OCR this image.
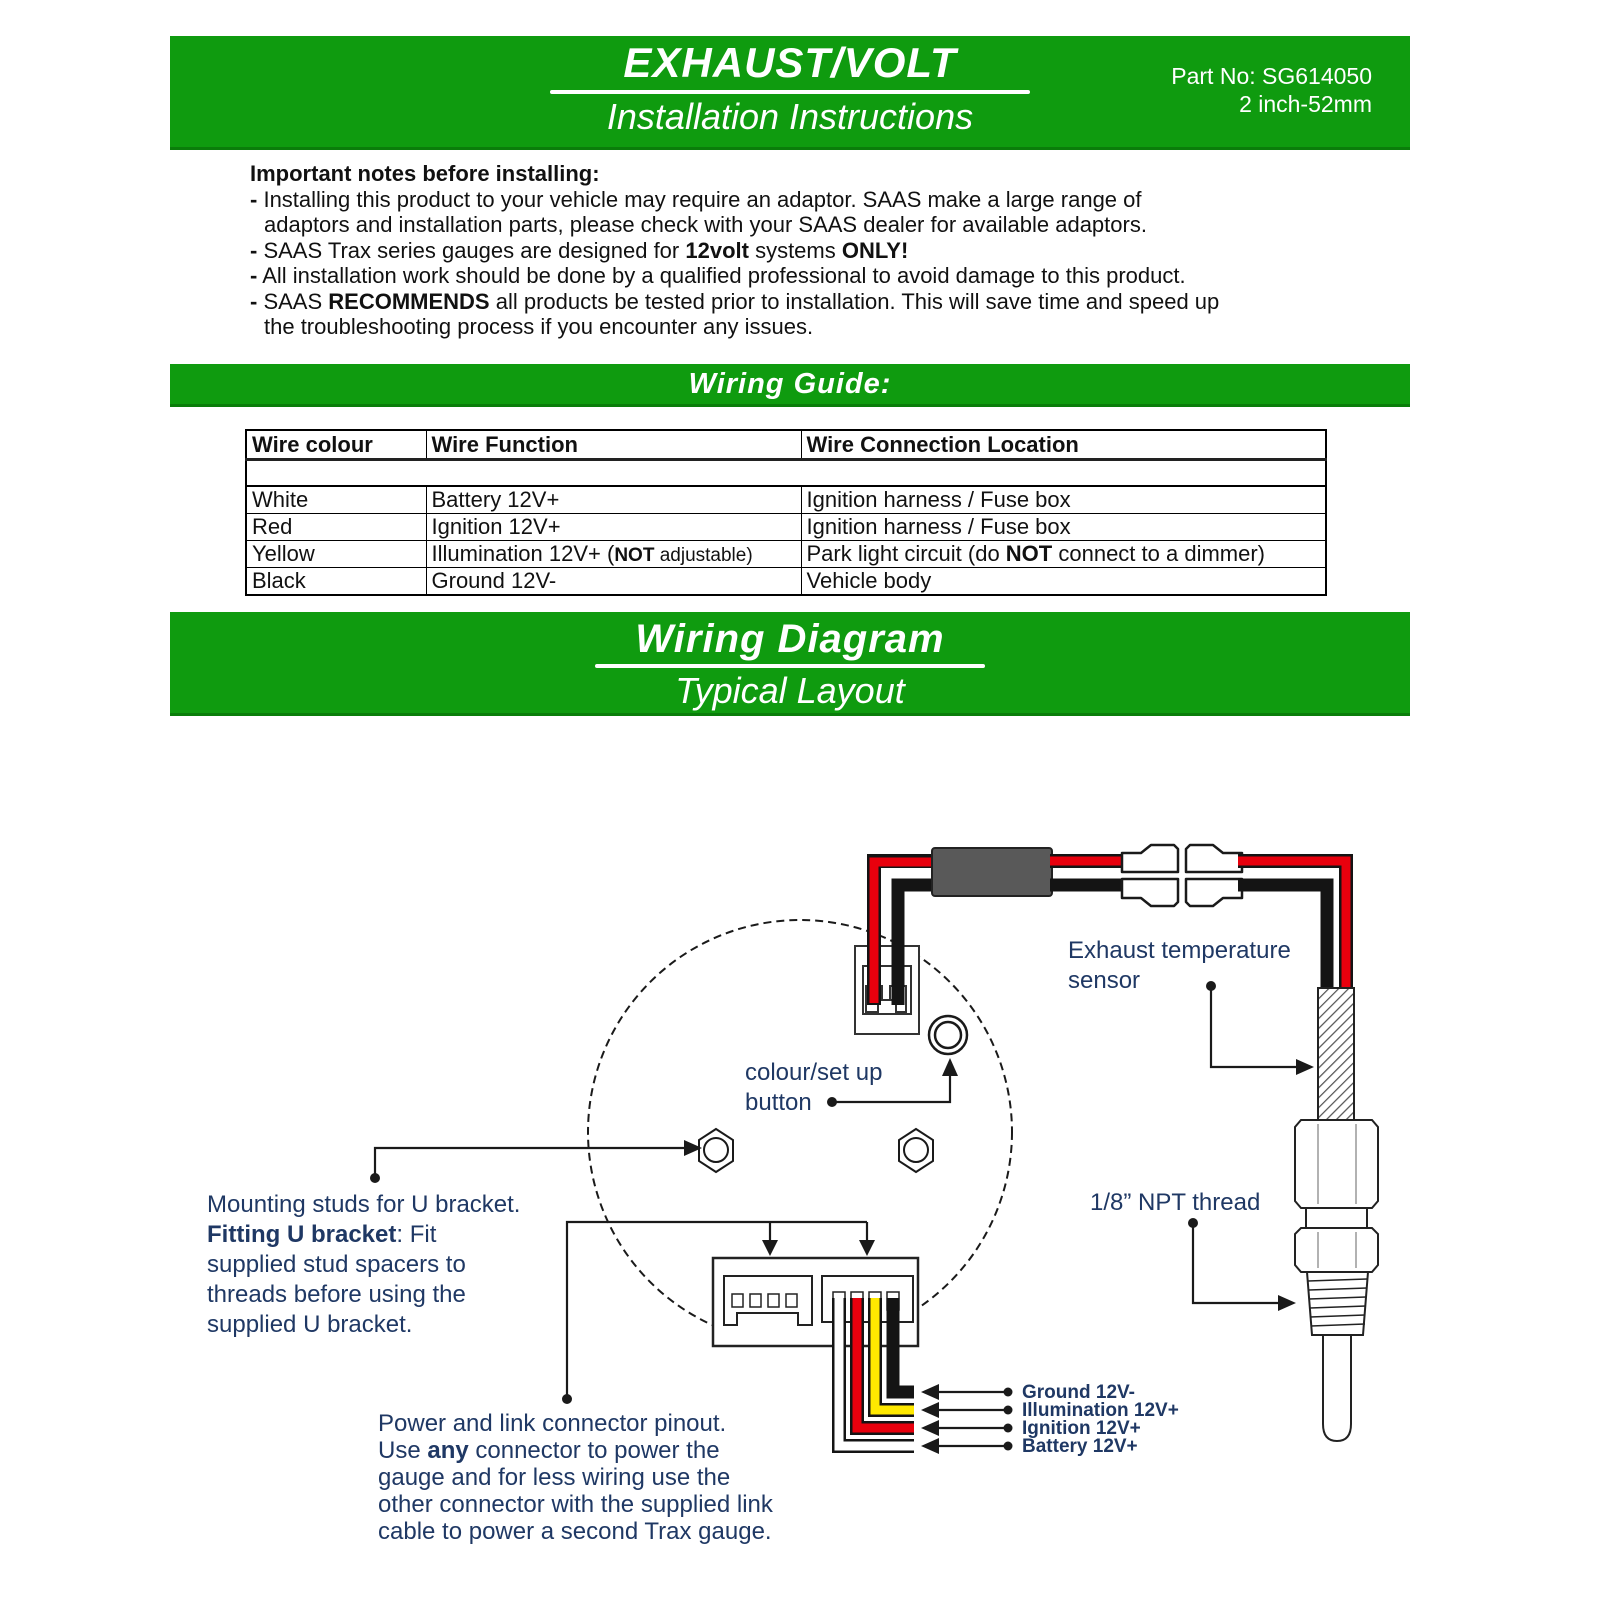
EXHAUST/VOLT
Installation Instructions
Part No: SG614050
2 inch-52mm
Important notes before installing:
- Installing this product to your vehicle may require an adaptor. SAAS make a large range of
adaptors and installation parts, please check with your SAAS dealer for available adaptors.
- SAAS Trax series gauges are designed for 12volt systems ONLY!
- All installation work should be done by a qualified professional to avoid damage to this product.
- SAAS RECOMMENDS all products be tested prior to installation. This will save time and speed up
the troubleshooting process if you encounter any issues.
Wiring Guide:
Wire colour	Wire Function	Wire Connection Location

White	Battery 12V+	Ignition harness / Fuse box
Red	Ignition 12V+	Ignition harness / Fuse box
Yellow	Illumination 12V+ (NOT adjustable)	Park light circuit (do NOT connect to a dimmer)
Black	Ground 12V-	Vehicle body
Wiring Diagram
Typical Layout
Exhaust temperature
sensor
1/8” NPT thread
colour/set up
button
Mounting studs for U bracket.
Fitting U bracket: Fit
supplied stud spacers to
threads before using the
supplied U bracket.
Power and link connector pinout.
Use any connector to power the
gauge and for less wiring use the
other connector with the supplied link
cable to power a second Trax gauge.
Ground 12V-
Illumination 12V+
Ignition 12V+
Battery 12V+
